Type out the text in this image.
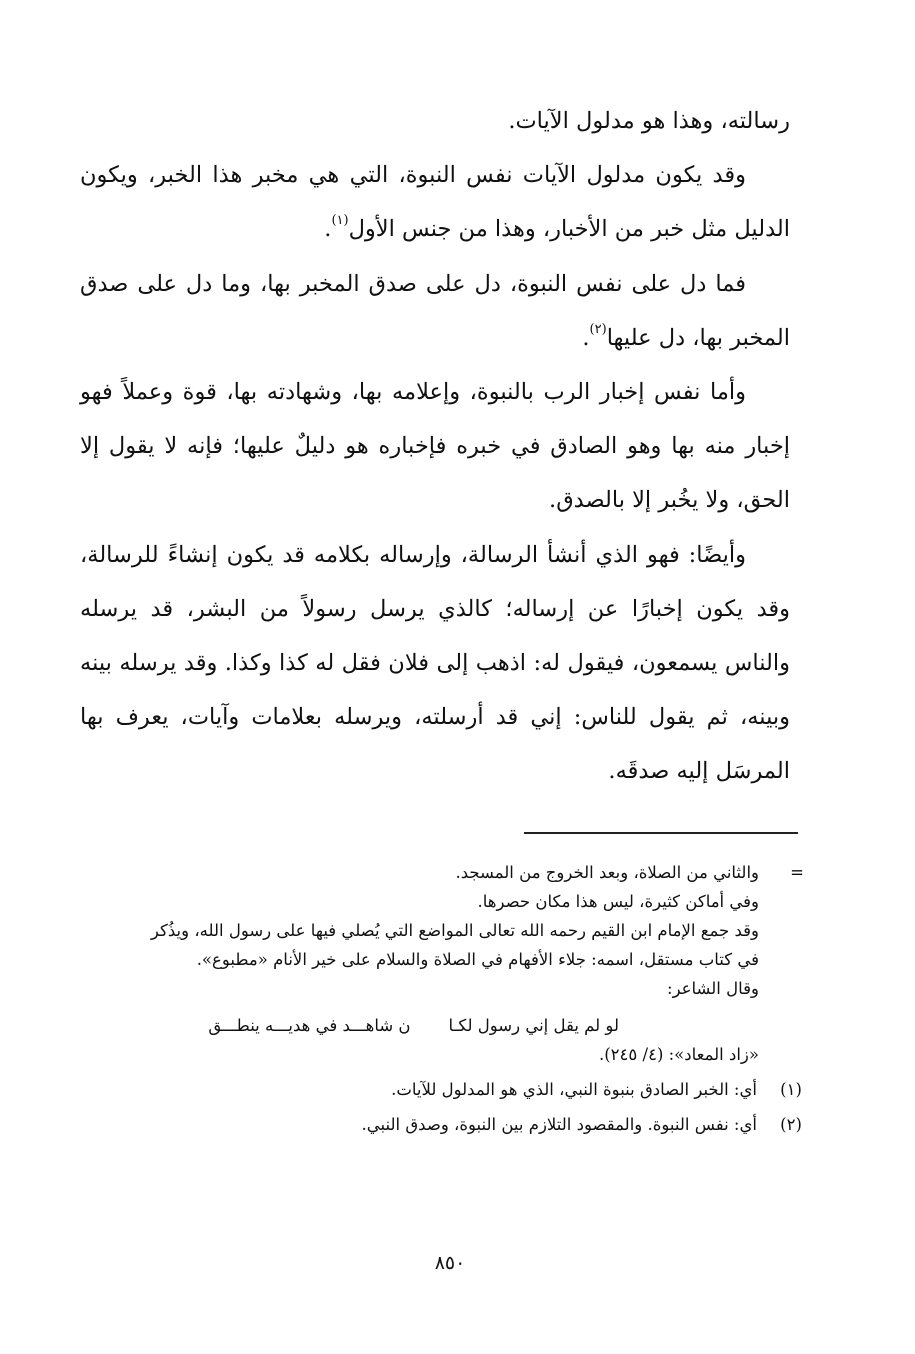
رسالته، وهذا هو مدلول الآيات.

وقد يكون مدلول الآيات نفس النبوة، التي هي مخبر هذا الخبر، ويكون الدليل مثل خبر من الأخبار، وهذا من جنس الأول$^{(١)}$.

فما دل على نفس النبوة، دل على صدق المخبر بها، وما دل على صدق المخبر بها، دل عليها$^{(٢)}$.

وأما نفس إخبار الرب بالنبوة، وإعلامه بها، وشهادته بها، قوة وعملاً فهو إخبار منه بها وهو الصادق في خبره فإخباره هو دليلٌ عليها؛ فإنه لا يقول إلا الحق، ولا يخُبر إلا بالصدق.

وأيضًا: فهو الذي أنشأ الرسالة، وإرساله بكلامه قد يكون إنشاءً للرسالة، وقد يكون إخبارًا عن إرساله؛ كالذي يرسل رسولاً من البشر، قد يرسله والناس يسمعون، فيقول له: اذهب إلى فلان فقل له كذا وكذا. وقد يرسله بينه وبينه، ثم يقول للناس: إني قد أرسلته، ويرسله بعلامات وآيات، يعرف بها المرسَل إليه صدقَه.

=
والثاني من الصلاة، وبعد الخروج من المسجد.
وفي أماكن كثيرة، ليس هذا مكان حصرها.
وقد جمع الإمام ابن القيم رحمه الله تعالى المواضع التي يُصلي فيها على رسول الله، ويذُكر
في كتاب مستقل، اسمه: جلاء الأفهام في الصلاة والسلام على خير الأنام «مطبوع».
وقال الشاعر:
لو لم يقل إني رسول لكـا
ن شاهـــد في هديـــه ينطـــق
«زاد المعاد»: (٤/ ٢٤٥).
(١)
أي: الخبر الصادق بنبوة النبي، الذي هو المدلول للآيات.
(٢)
أي: نفس النبوة. والمقصود التلازم بين النبوة، وصدق النبي.
٨٥٠
